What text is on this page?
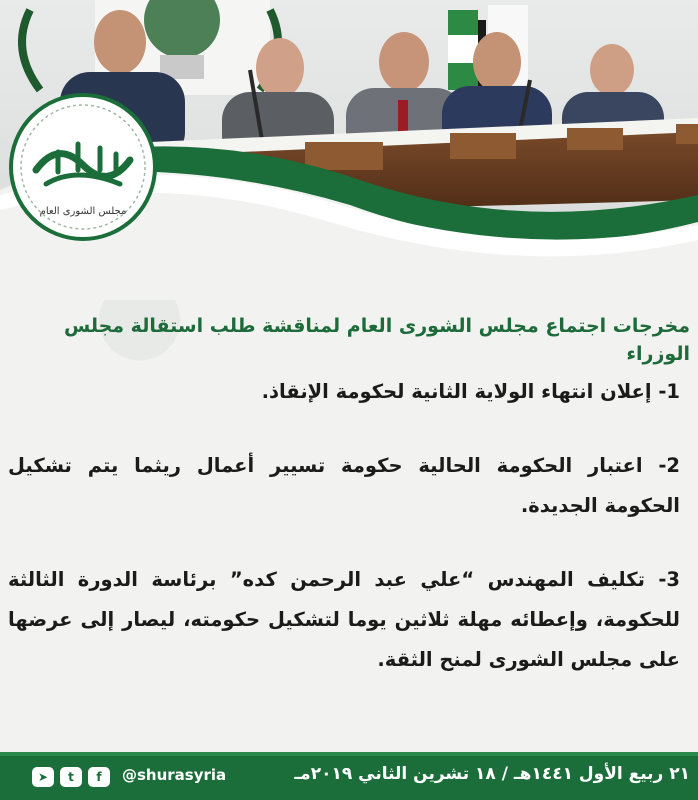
مجلس الشورى العام
مخرجات اجتماع مجلس الشورى العام لمناقشة طلب استقالة مجلس الوزراء

1- إعلان انتهاء الولاية الثانية لحكومة الإنقاذ.

2- اعتبار الحكومة الحالية حكومة تسيير أعمال ريثما يتم تشكيل الحكومة الجديدة.

3- تكليف المهندس “علي عبد الرحمن كده” برئاسة الدورة الثالثة للحكومة، وإعطائه مهلة ثلاثين يوما لتشكيل حكومته، ليصار إلى عرضها على مجلس الشورى لمنح الثقة.

٢١ ربيع الأول ١٤٤١هـ / ١٨ تشرين الثاني ٢٠١٩مـ
@shurasyria
➤	t	f
